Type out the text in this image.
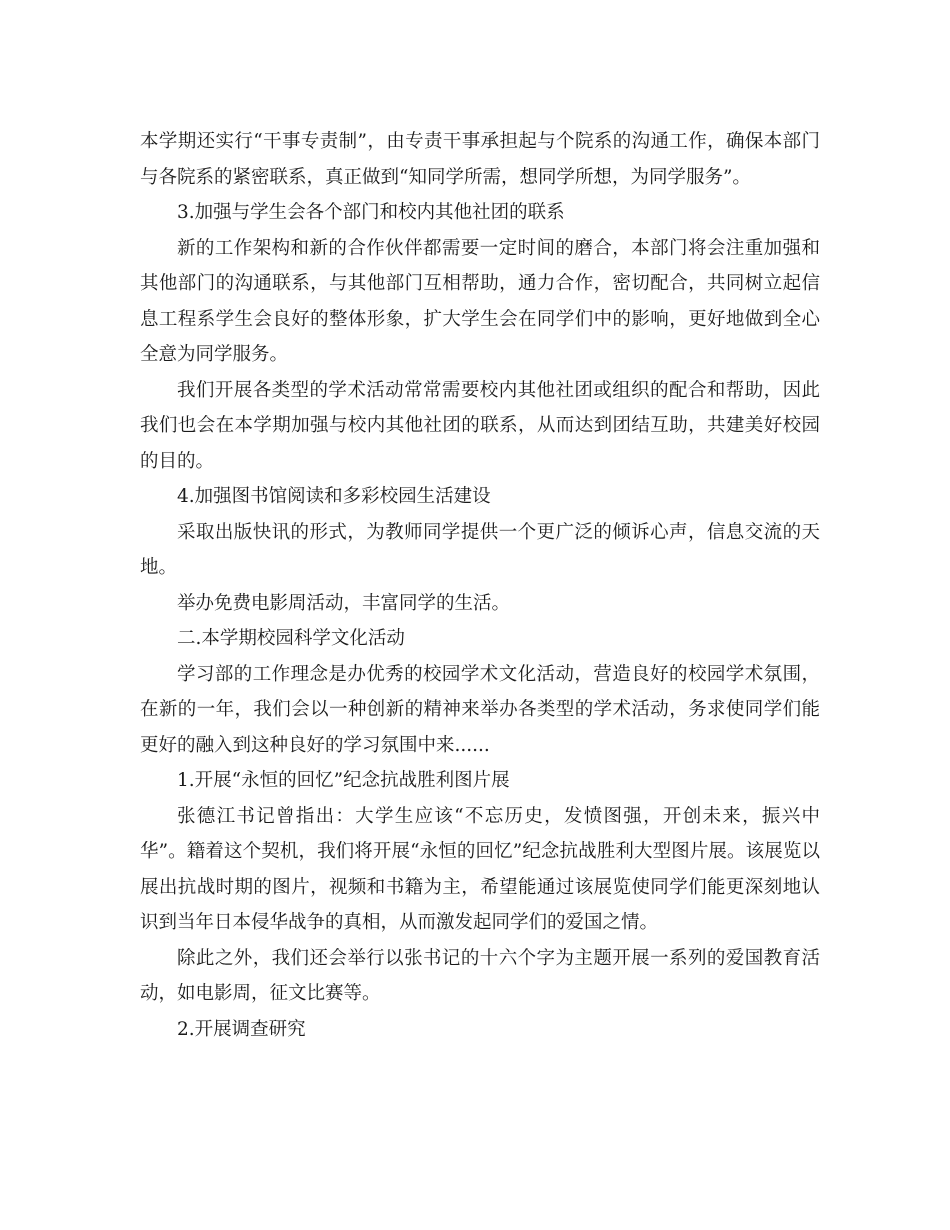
本学期还实行“干事专责制”，由专责干事承担起与个院系的沟通工作，确保本部门与各院系的紧密联系，真正做到“知同学所需，想同学所想，为同学服务”。

3.加强与学生会各个部门和校内其他社团的联系

新的工作架构和新的合作伙伴都需要一定时间的磨合，本部门将会注重加强和其他部门的沟通联系，与其他部门互相帮助，通力合作，密切配合，共同树立起信息工程系学生会良好的整体形象，扩大学生会在同学们中的影响，更好地做到全心全意为同学服务。

我们开展各类型的学术活动常常需要校内其他社团或组织的配合和帮助，因此我们也会在本学期加强与校内其他社团的联系，从而达到团结互助，共建美好校园的目的。

4.加强图书馆阅读和多彩校园生活建设

采取出版快讯的形式，为教师同学提供一个更广泛的倾诉心声，信息交流的天地。

举办免费电影周活动，丰富同学的生活。

二.本学期校园科学文化活动

学习部的工作理念是办优秀的校园学术文化活动，营造良好的校园学术氛围，在新的一年，我们会以一种创新的精神来举办各类型的学术活动，务求使同学们能更好的融入到这种良好的学习氛围中来......

1.开展“永恒的回忆”纪念抗战胜利图片展

张德江书记曾指出：大学生应该“不忘历史，发愤图强，开创未来，振兴中华”。籍着这个契机，我们将开展“永恒的回忆”纪念抗战胜利大型图片展。该展览以展出抗战时期的图片，视频和书籍为主，希望能通过该展览使同学们能更深刻地认识到当年日本侵华战争的真相，从而激发起同学们的爱国之情。

除此之外，我们还会举行以张书记的十六个字为主题开展一系列的爱国教育活动，如电影周，征文比赛等。

2.开展调查研究
